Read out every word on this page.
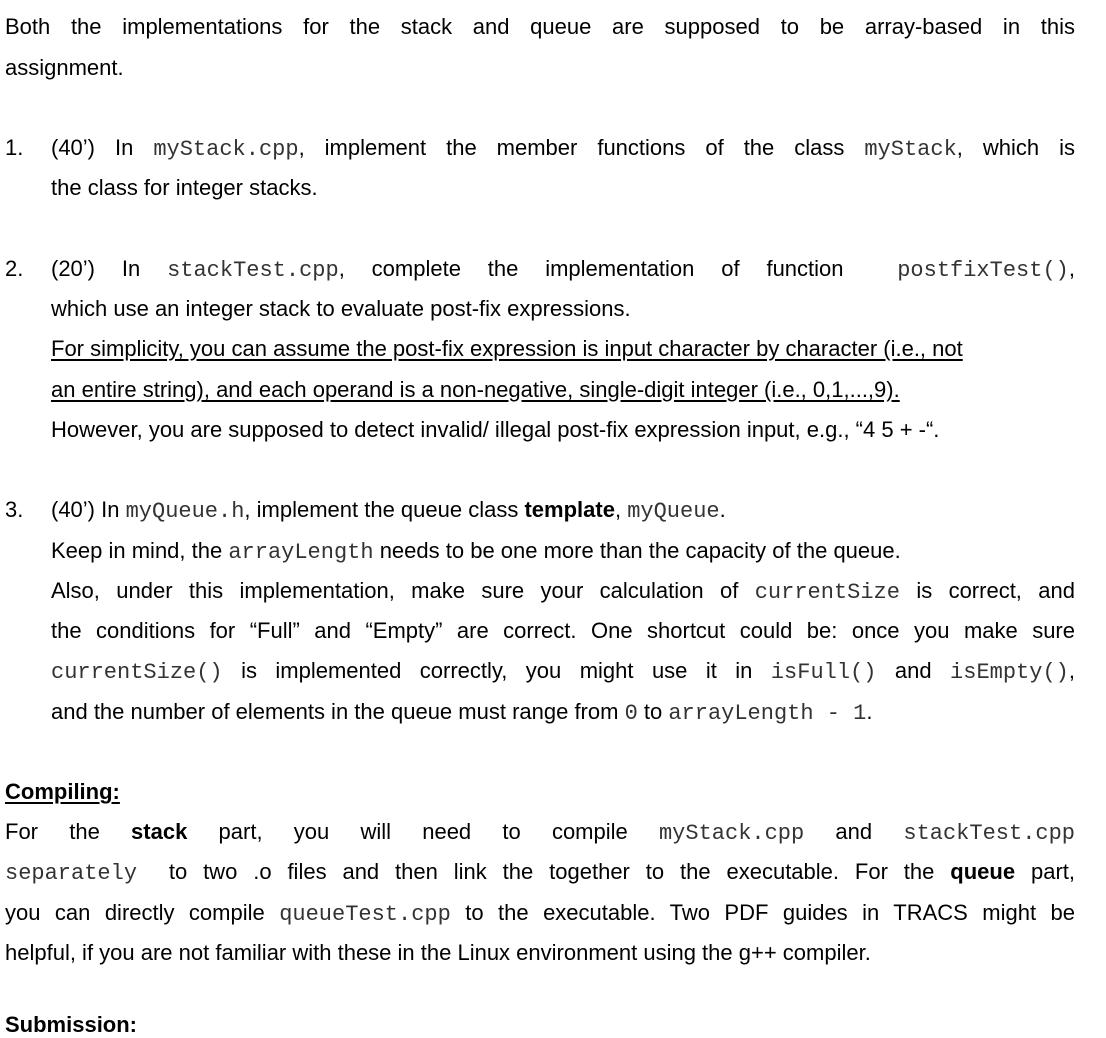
Both the implementations for the stack and queue are supposed to be array-based in this
assignment.
1. (40’) In myStack.cpp, implement the member functions of the class myStack, which is
the class for integer stacks.
2. (20’) In stackTest.cpp, complete the implementation of function  postfixTest(),
which use an integer stack to evaluate post-fix expressions.
For simplicity, you can assume the post-fix expression is input character by character (i.e., not
an entire string), and each operand is a non-negative, single-digit integer (i.e., 0,1,...,9).
However, you are supposed to detect invalid/ illegal post-fix expression input, e.g., “4 5 + -“.
3. (40’) In myQueue.h, implement the queue class template, myQueue.
Keep in mind, the arrayLength needs to be one more than the capacity of the queue.
Also, under this implementation, make sure your calculation of currentSize is correct, and
the conditions for “Full” and “Empty” are correct. One shortcut could be: once you make sure
currentSize() is implemented correctly, you might use it in isFull() and isEmpty(),
and the number of elements in the queue must range from 0 to arrayLength - 1.
Compiling:
For the stack part, you will need to compile myStack.cpp and stackTest.cpp
separately  to two .o files and then link the together to the executable. For the queue part,
you can directly compile queueTest.cpp to the executable. Two PDF guides in TRACS might be
helpful, if you are not familiar with these in the Linux environment using the g++ compiler.
Submission:
